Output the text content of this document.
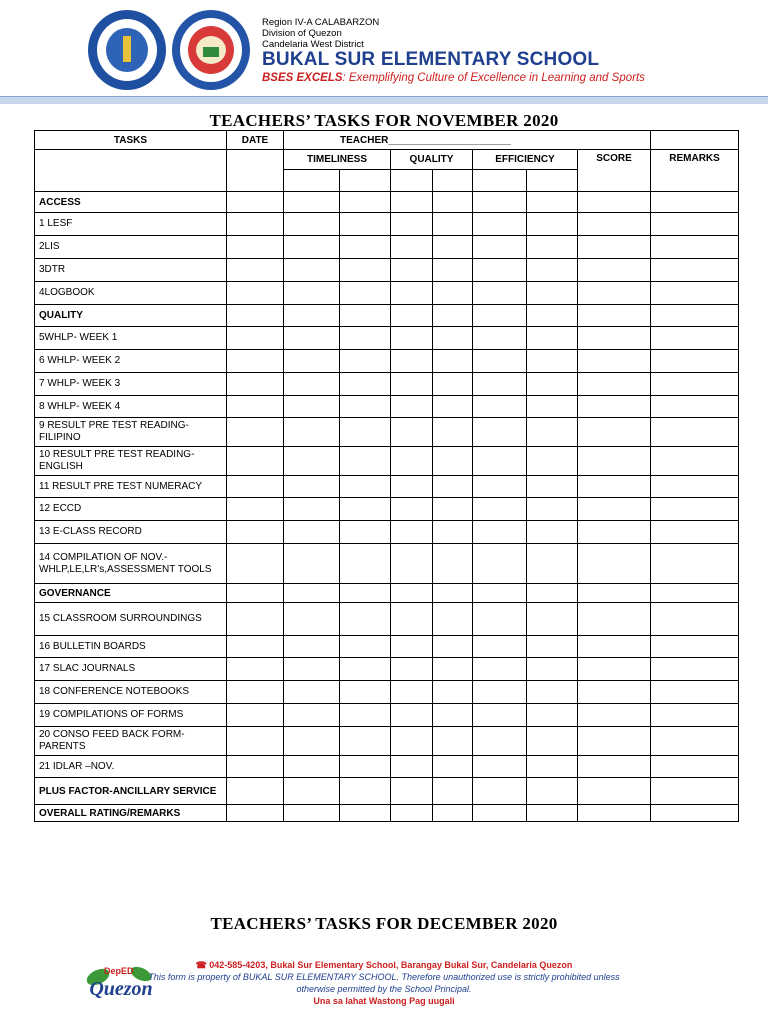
Region IV-A CALABARZON
Division of Quezon
Candelaria West District
BUKAL SUR ELEMENTARY SCHOOL
BSES EXCELS: Exemplifying Culture of Excellence in Learning and Sports
TEACHERS’ TASKS FOR NOVEMBER 2020
TASKS	DATE	TEACHER______________________							
		TIMELINESS		QUALITY		EFFICIENCY		SCORE	REMARKS

ACCESS									
1 LESF									
2LIS									
3DTR									
4LOGBOOK									
QUALITY									
5WHLP- WEEK 1									
6 WHLP- WEEK 2									
7 WHLP- WEEK 3									
8 WHLP- WEEK 4									
9 RESULT PRE TEST READING- FILIPINO									
10 RESULT PRE TEST READING- ENGLISH									
11 RESULT PRE TEST NUMERACY									
12 ECCD									
13 E-CLASS RECORD									
14 COMPILATION OF NOV.- WHLP,LE,LR’s,ASSESSMENT TOOLS									
GOVERNANCE									
15 CLASSROOM SURROUNDINGS									
16 BULLETIN BOARDS									
17 SLAC JOURNALS									
18 CONFERENCE NOTEBOOKS									
19 COMPILATIONS OF FORMS									
20 CONSO FEED BACK FORM- PARENTS									
21 IDLAR –NOV.									
PLUS FACTOR-ANCILLARY SERVICE									
OVERALL RATING/REMARKS									
TEACHERS’ TASKS FOR DECEMBER 2020
DepED
Quezon
☎ 042-585-4203, Bukal Sur Elementary School, Barangay Bukal Sur, Candelaria Quezon
This form is property of BUKAL SUR ELEMENTARY SCHOOL. Therefore unauthorized use is strictly prohibited unless
otherwise permitted by the School Principal.
Una sa lahat Wastong Pag uugali
